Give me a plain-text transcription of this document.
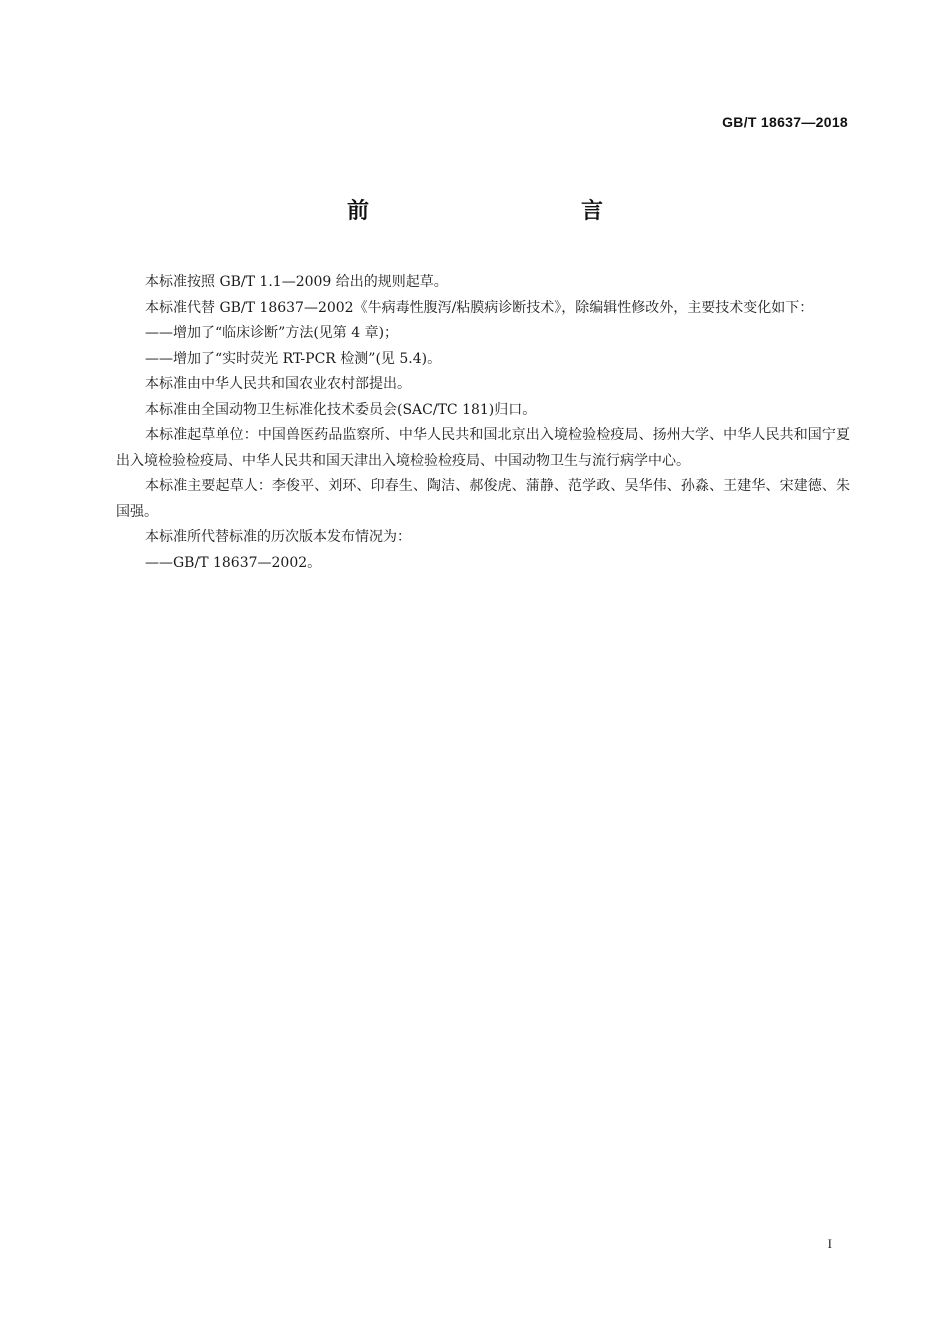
GB/T 18637—2018
前　　言

本标准按照 GB/T 1.1—2009 给出的规则起草。

本标准代替 GB/T 18637—2002《牛病毒性腹泻/粘膜病诊断技术》，除编辑性修改外，主要技术变化如下：

——增加了“临床诊断”方法(见第 4 章)；

——增加了“实时荧光 RT-PCR 检测”(见 5.4)。

本标准由中华人民共和国农业农村部提出。

本标准由全国动物卫生标准化技术委员会(SAC/TC 181)归口。

本标准起草单位：中国兽医药品监察所、中华人民共和国北京出入境检验检疫局、扬州大学、中华人民共和国宁夏出入境检验检疫局、中华人民共和国天津出入境检验检疫局、中国动物卫生与流行病学中心。

本标准主要起草人：李俊平、刘环、印春生、陶洁、郝俊虎、蒲静、范学政、吴华伟、孙淼、王建华、宋建德、朱国强。

本标准所代替标准的历次版本发布情况为：

——GB/T 18637—2002。

I
